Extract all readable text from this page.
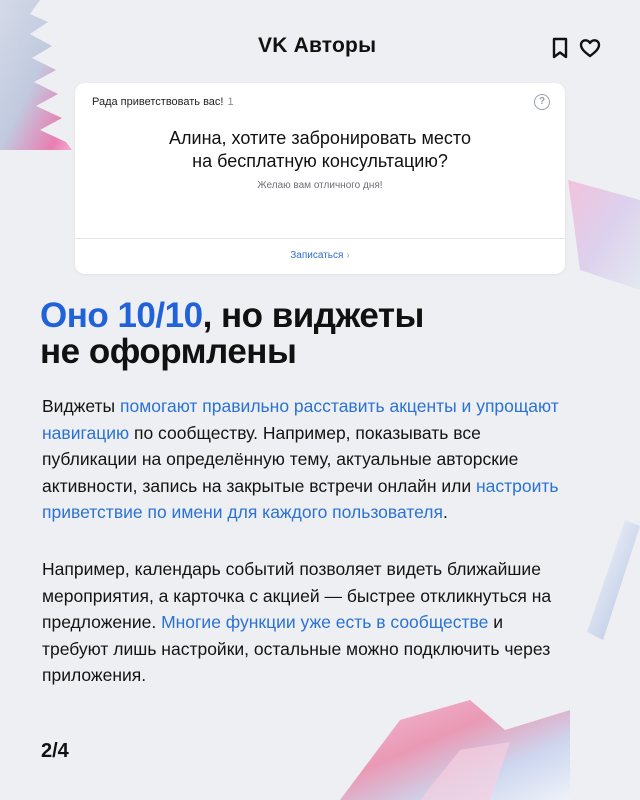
VK Авторы
Рада приветствовать вас! 1	?
Алина, хотите забронировать место
на бесплатную консультацию?
Желаю вам отличного дня!
Записаться ›
Оно 10/10, но виджеты
не оформлены
Виджеты помогают правильно расставить акценты и упрощают навигацию по сообществу. Например, показывать все публикации на определённую тему, актуальные авторские активности, запись на закрытые встречи онлайн или настроить приветствие по имени для каждого пользователя.
Например, календарь событий позволяет видеть ближайшие мероприятия, а карточка с акцией — быстрее откликнуться на предложение. Многие функции уже есть в сообществе и требуют лишь настройки, остальные можно подключить через приложения.
2/4
